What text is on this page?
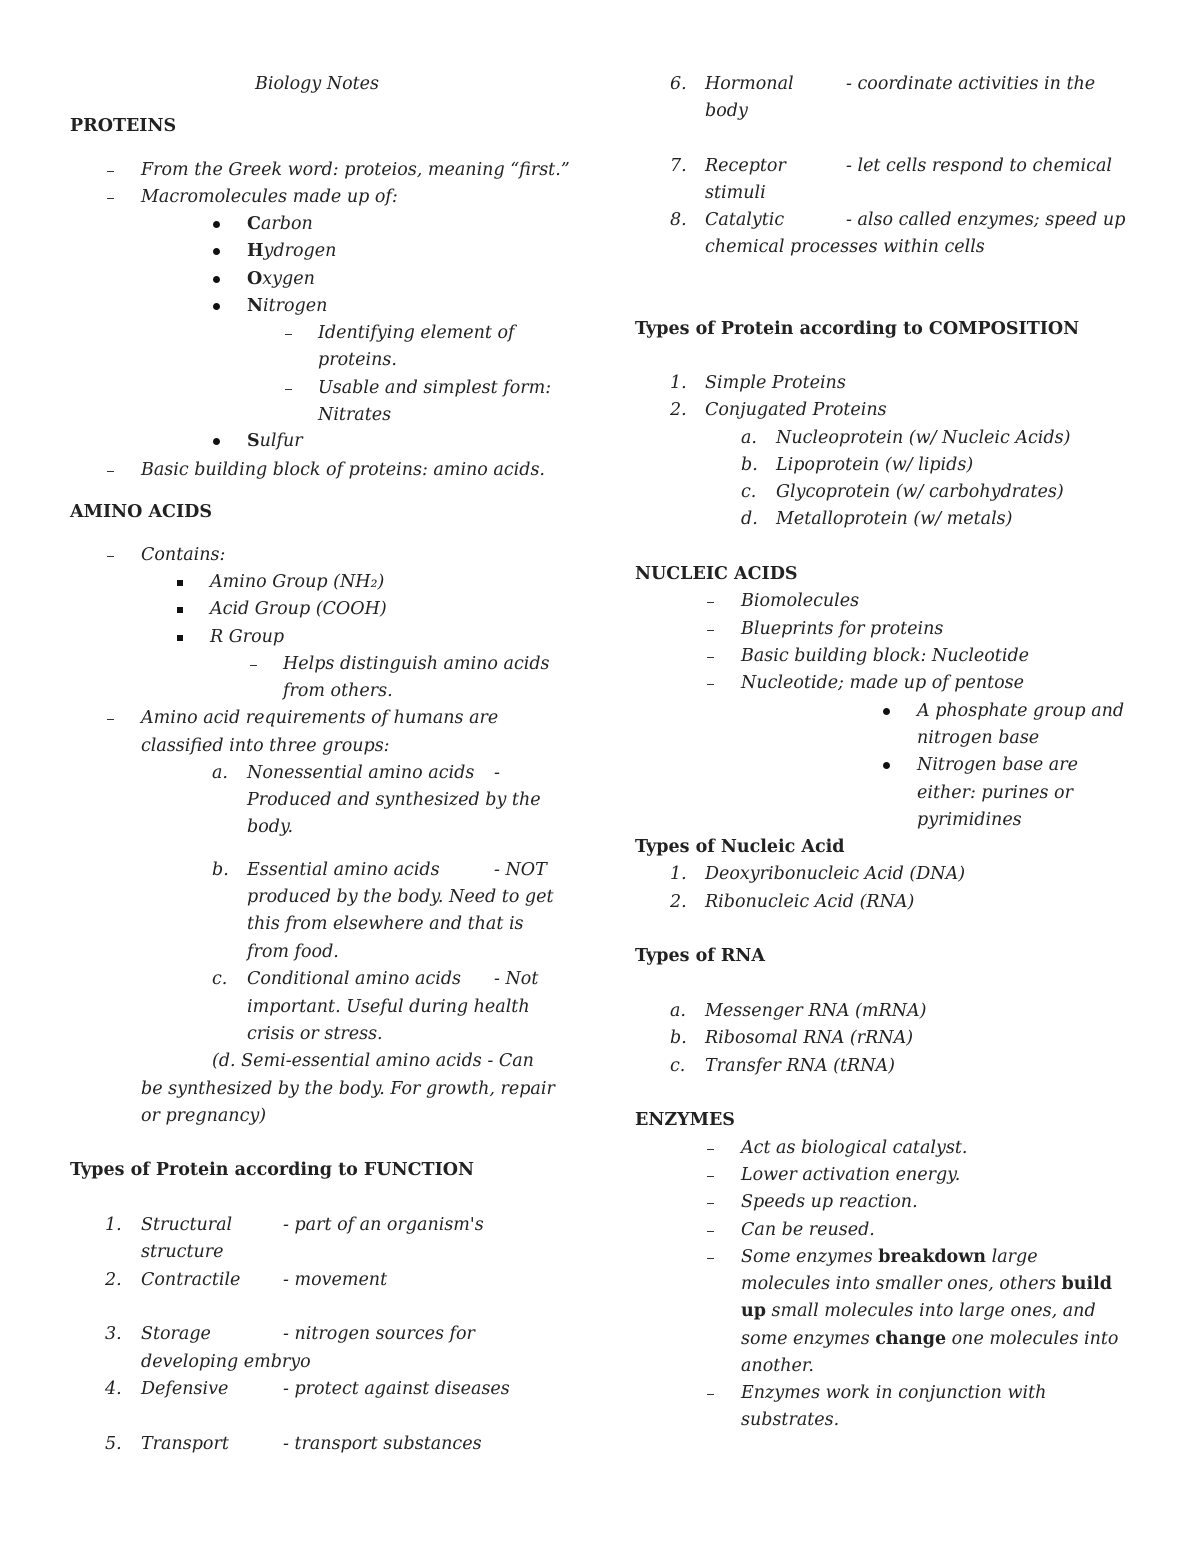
Biology Notes
PROTEINS
From the Greek word: proteios, meaning “first.”
Macromolecules made up of:
Carbon
Hydrogen
Oxygen
Nitrogen
Identifying element of
proteins.
Usable and simplest form:
Nitrates
Sulfur
Basic building block of proteins: amino acids.
AMINO ACIDS
Contains:
Amino Group (NH₂)
Acid Group (COOH)
R Group
Helps distinguish amino acids
from others.
Amino acid requirements of humans are
classified into three groups:
a. Nonessential amino acids -
Produced and synthesized by the
body.
b. Essential amino acids	- NOT
produced by the body. Need to get
this from elsewhere and that is
from food.
c. Conditional amino acids - Not
important. Useful during health
crisis or stress.
(d. Semi-essential amino acids - Can
be synthesized by the body. For growth, repair
or pregnancy)
Types of Protein according to FUNCTION
1. Structural	- part of an organism's
structure
2. Contractile - movement
3. Storage	- nitrogen sources for
developing embryo
4. Defensive	- protect against diseases
5. Transport	- transport substances
6. Hormonal	- coordinate activities in the
body
7. Receptor	- let cells respond to chemical
stimuli
8. Catalytic	- also called enzymes; speed up
chemical processes within cells
Types of Protein according to COMPOSITION
1. Simple Proteins
2. Conjugated Proteins
a. Nucleoprotein (w/ Nucleic Acids)
b. Lipoprotein (w/ lipids)
c. Glycoprotein (w/ carbohydrates)
d. Metalloprotein (w/ metals)
NUCLEIC ACIDS
Biomolecules
Blueprints for proteins
Basic building block: Nucleotide
Nucleotide; made up of pentose
A phosphate group and
nitrogen base
Nitrogen base are
either: purines or
pyrimidines
Types of Nucleic Acid
1. Deoxyribonucleic Acid (DNA)
2. Ribonucleic Acid (RNA)
Types of RNA
a. Messenger RNA (mRNA)
b. Ribosomal RNA (rRNA)
c. Transfer RNA (tRNA)
ENZYMES
Act as biological catalyst.
Lower activation energy.
Speeds up reaction.
Can be reused.
Some enzymes breakdown large
molecules into smaller ones, others build
up small molecules into large ones, and
some enzymes change one molecules into
another.
Enzymes work in conjunction with
substrates.
